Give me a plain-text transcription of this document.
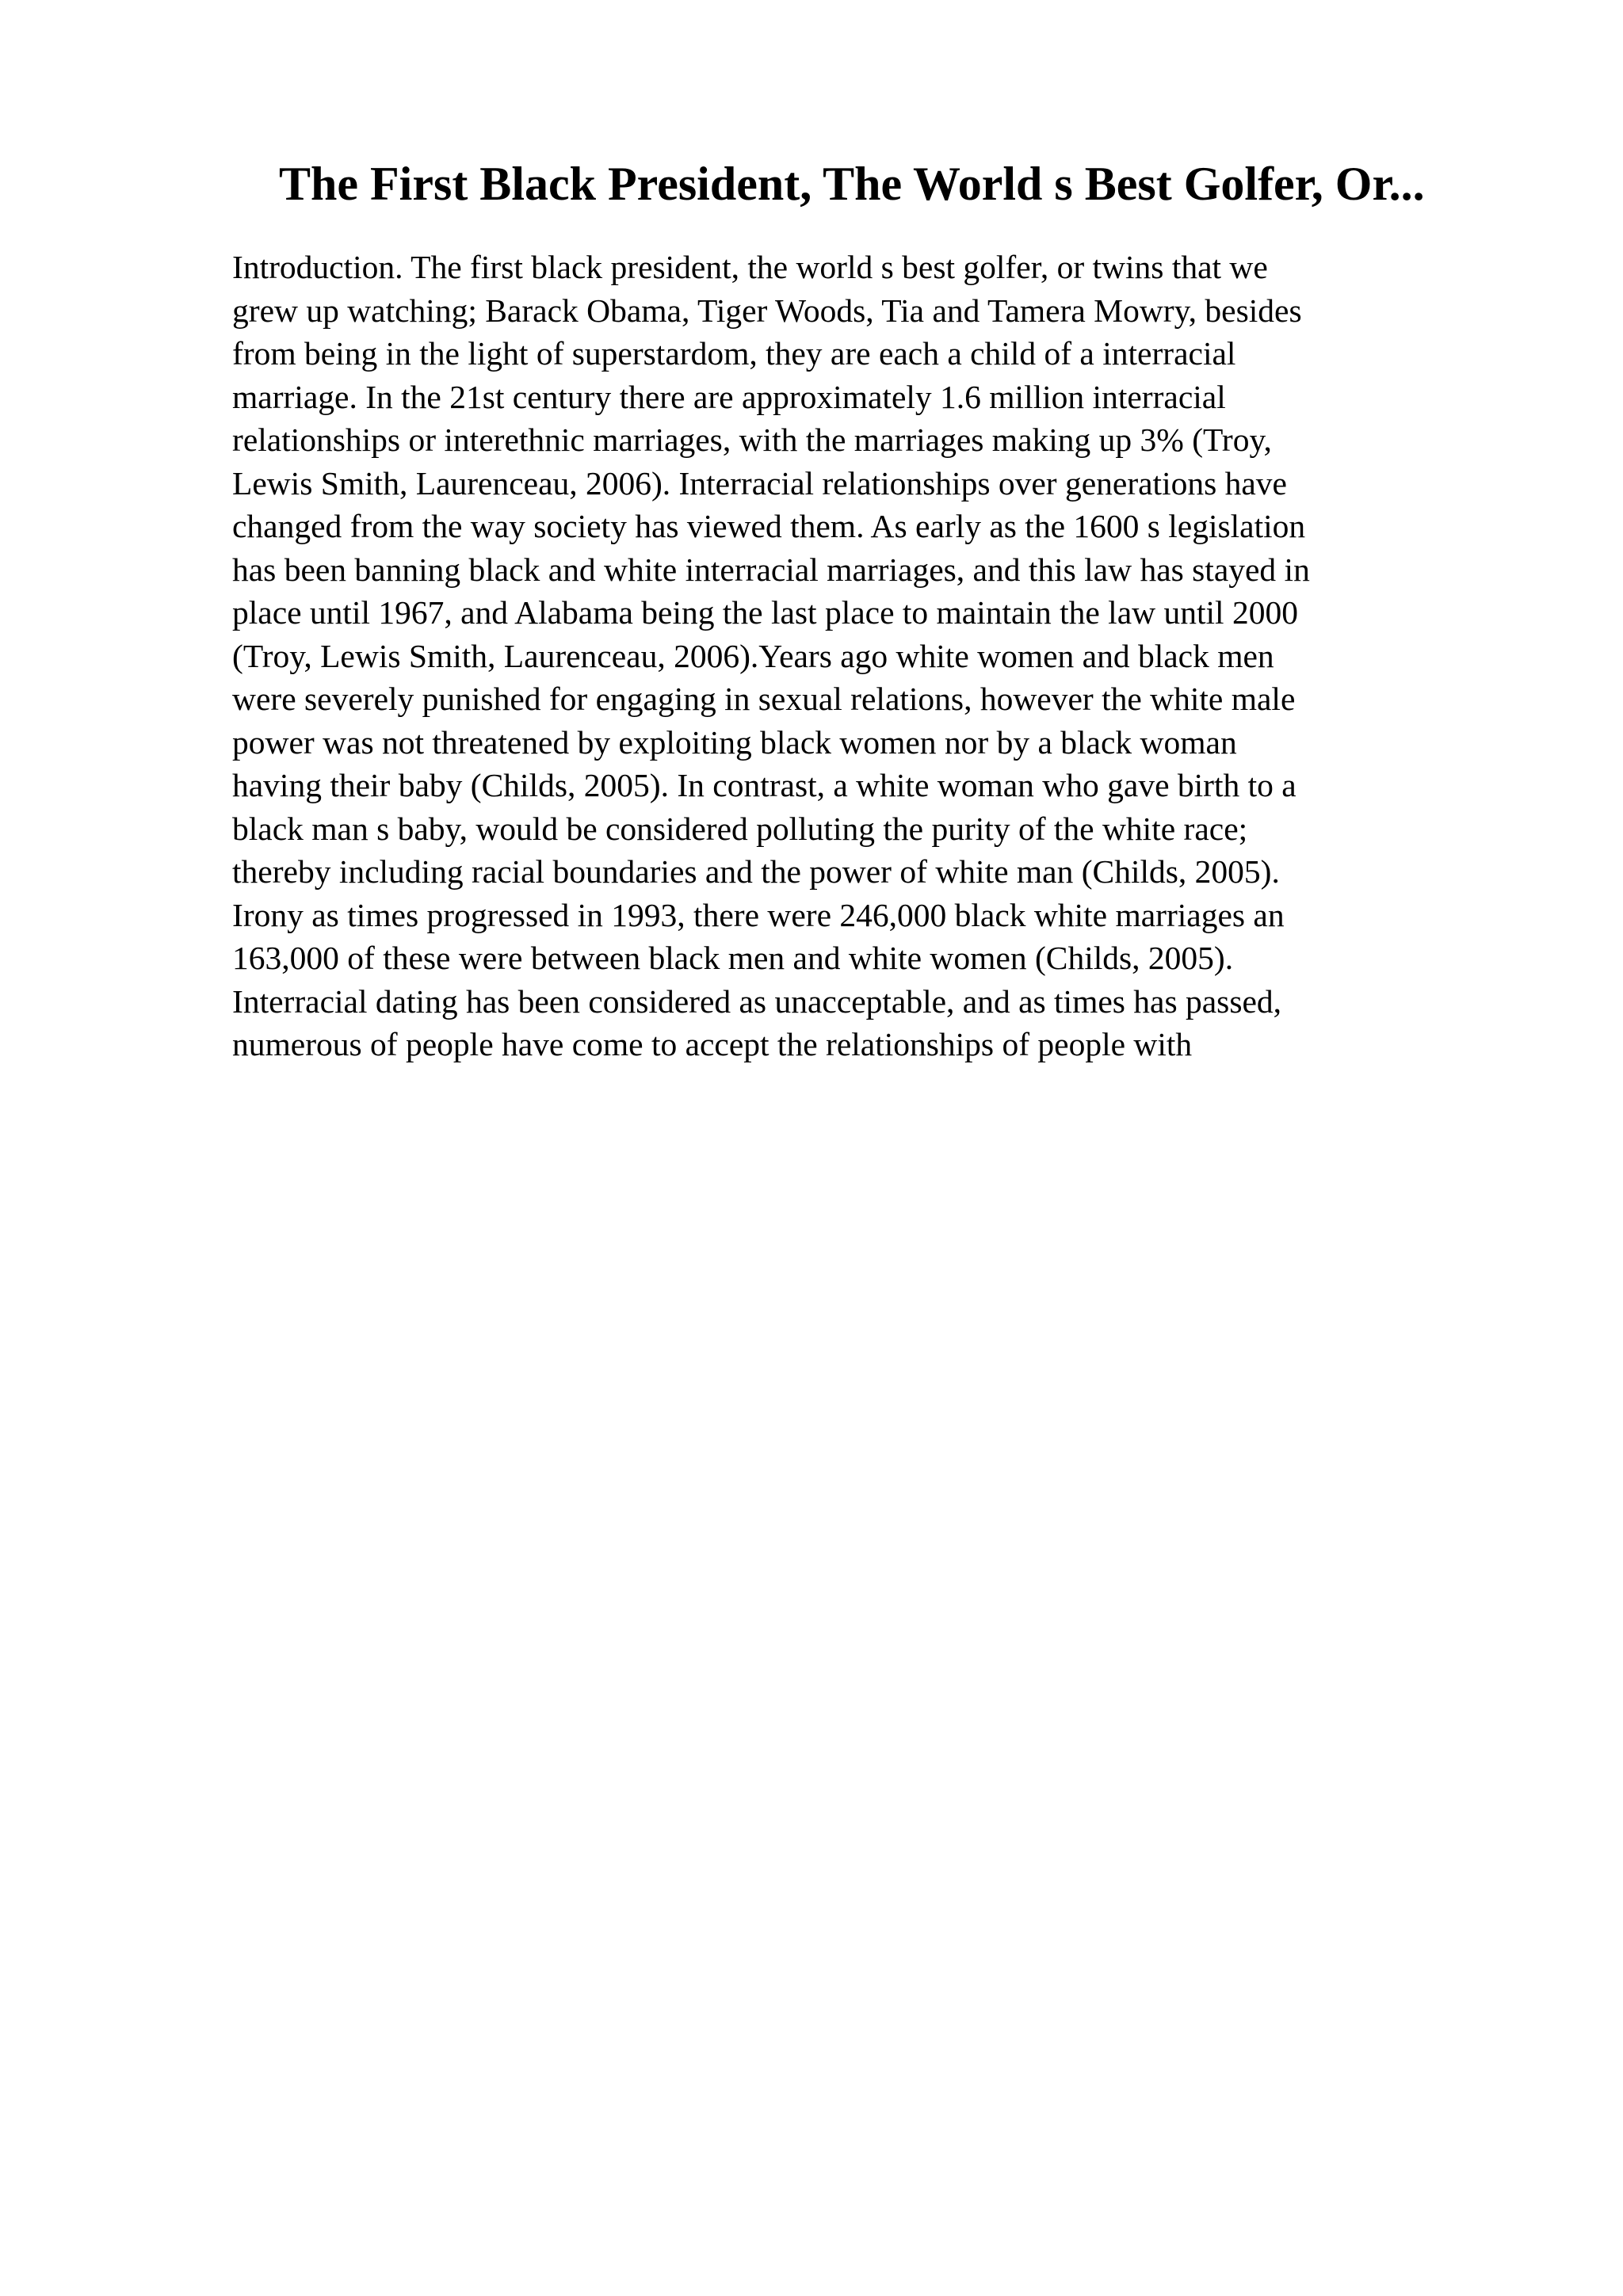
The First Black President, The World s Best Golfer, Or...
Introduction. The first black president, the world s best golfer, or twins that we
grew up watching; Barack Obama, Tiger Woods, Tia and Tamera Mowry, besides
from being in the light of superstardom, they are each a child of a interracial
marriage. In the 21st century there are approximately 1.6 million interracial
relationships or interethnic marriages, with the marriages making up 3% (Troy,
Lewis Smith, Laurenceau, 2006). Interracial relationships over generations have
changed from the way society has viewed them. As early as the 1600 s legislation
has been banning black and white interracial marriages, and this law has stayed in
place until 1967, and Alabama being the last place to maintain the law until 2000
(Troy, Lewis Smith, Laurenceau, 2006).Years ago white women and black men
were severely punished for engaging in sexual relations, however the white male
power was not threatened by exploiting black women nor by a black woman
having their baby (Childs, 2005). In contrast, a white woman who gave birth to a
black man s baby, would be considered polluting the purity of the white race;
thereby including racial boundaries and the power of white man (Childs, 2005).
Irony as times progressed in 1993, there were 246,000 black white marriages an
163,000 of these were between black men and white women (Childs, 2005).
Interracial dating has been considered as unacceptable, and as times has passed,
numerous of people have come to accept the relationships of people with
